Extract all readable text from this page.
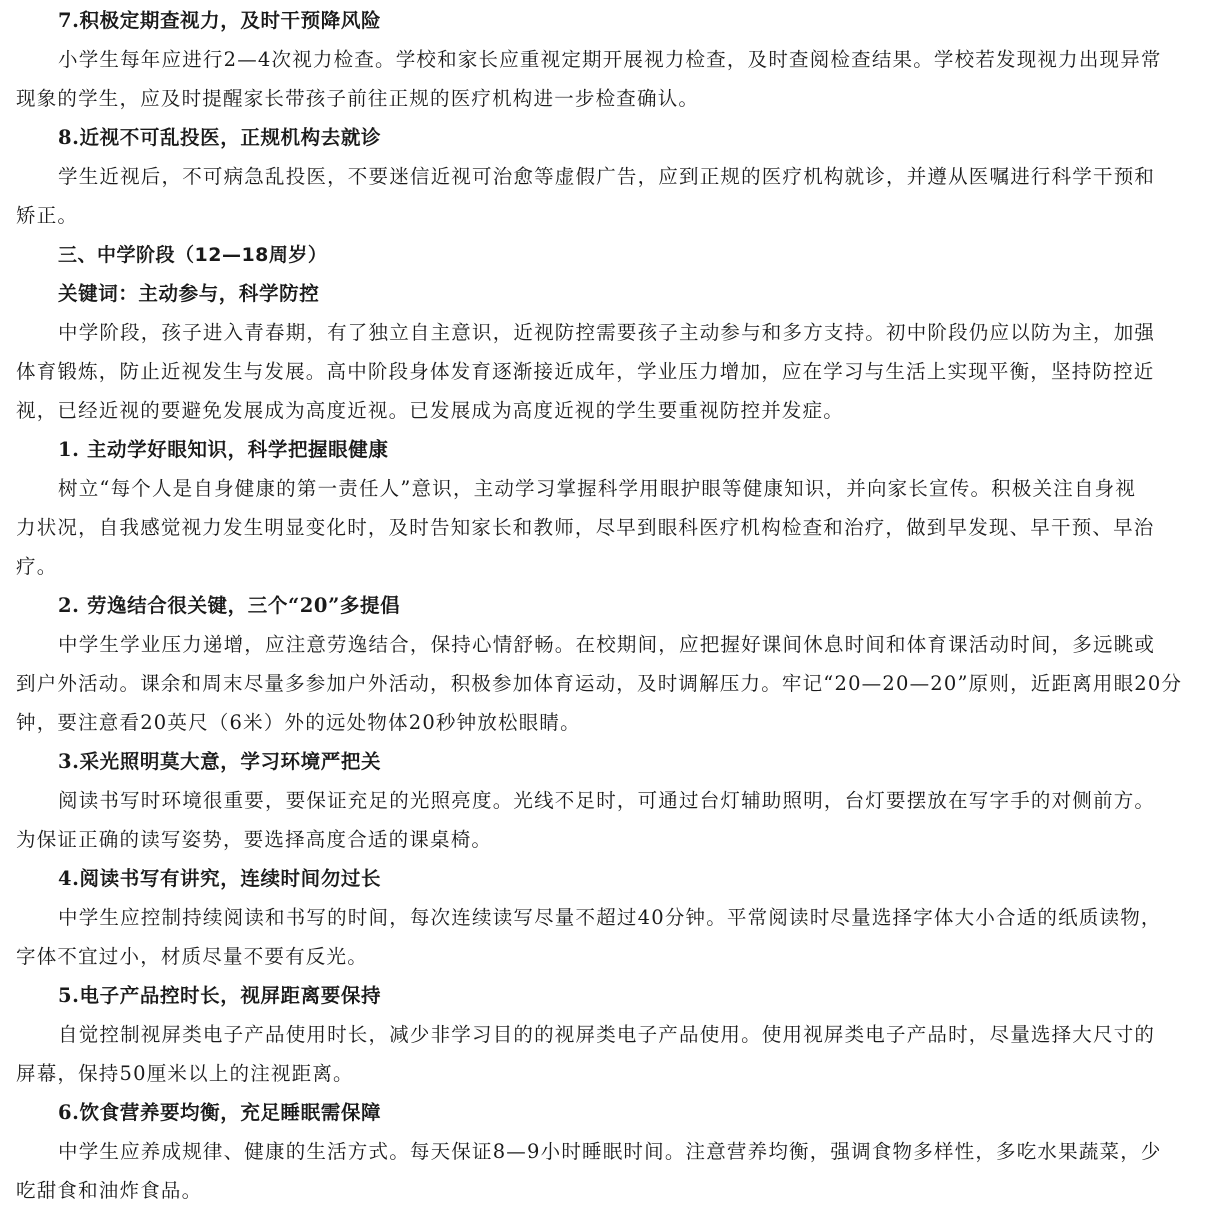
7.积极定期查视力，及时干预降风险
小学生每年应进行2—4次视力检查。学校和家长应重视定期开展视力检查，及时查阅检查结果。学校若发现视力出现异常
现象的学生，应及时提醒家长带孩子前往正规的医疗机构进一步检查确认。
8.近视不可乱投医，正规机构去就诊
学生近视后，不可病急乱投医，不要迷信近视可治愈等虚假广告，应到正规的医疗机构就诊，并遵从医嘱进行科学干预和
矫正。
三、中学阶段（12—18周岁）
关键词：主动参与，科学防控
中学阶段，孩子进入青春期，有了独立自主意识，近视防控需要孩子主动参与和多方支持。初中阶段仍应以防为主，加强
体育锻炼，防止近视发生与发展。高中阶段身体发育逐渐接近成年，学业压力增加，应在学习与生活上实现平衡，坚持防控近
视，已经近视的要避免发展成为高度近视。已发展成为高度近视的学生要重视防控并发症。
1. 主动学好眼知识，科学把握眼健康
树立“每个人是自身健康的第一责任人”意识，主动学习掌握科学用眼护眼等健康知识，并向家长宣传。积极关注自身视
力状况，自我感觉视力发生明显变化时，及时告知家长和教师，尽早到眼科医疗机构检查和治疗，做到早发现、早干预、早治
疗。
2. 劳逸结合很关键，三个“20”多提倡
中学生学业压力递增，应注意劳逸结合，保持心情舒畅。在校期间，应把握好课间休息时间和体育课活动时间，多远眺或
到户外活动。课余和周末尽量多参加户外活动，积极参加体育运动，及时调解压力。牢记“20—20—20”原则，近距离用眼20分
钟，要注意看20英尺（6米）外的远处物体20秒钟放松眼睛。
3.采光照明莫大意，学习环境严把关
阅读书写时环境很重要，要保证充足的光照亮度。光线不足时，可通过台灯辅助照明，台灯要摆放在写字手的对侧前方。
为保证正确的读写姿势，要选择高度合适的课桌椅。
4.阅读书写有讲究，连续时间勿过长
中学生应控制持续阅读和书写的时间，每次连续读写尽量不超过40分钟。平常阅读时尽量选择字体大小合适的纸质读物，
字体不宜过小，材质尽量不要有反光。
5.电子产品控时长，视屏距离要保持
自觉控制视屏类电子产品使用时长，减少非学习目的的视屏类电子产品使用。使用视屏类电子产品时，尽量选择大尺寸的
屏幕，保持50厘米以上的注视距离。
6.饮食营养要均衡，充足睡眠需保障
中学生应养成规律、健康的生活方式。每天保证8—9小时睡眠时间。注意营养均衡，强调食物多样性，多吃水果蔬菜，少
吃甜食和油炸食品。
